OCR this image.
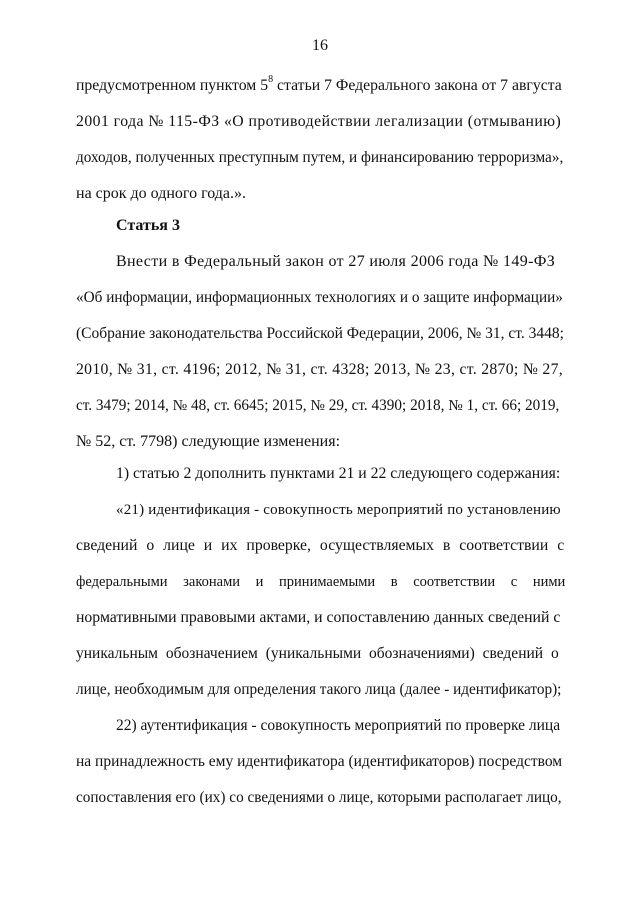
16
предусмотренном пунктом $5^8$ статьи 7 Федерального закона от 7 августа
2001 года № 115-ФЗ «О противодействии легализации (отмыванию)
доходов, полученных преступным путем, и финансированию терроризма»,
на срок до одного года.».
Статья 3
Внести в Федеральный закон от 27 июля 2006 года № 149-ФЗ
«Об информации, информационных технологиях и о защите информации»
(Собрание законодательства Российской Федерации, 2006, № 31, ст. 3448;
2010, № 31, ст. 4196; 2012, № 31, ст. 4328; 2013, № 23, ст. 2870; № 27,
ст. 3479; 2014, № 48, ст. 6645; 2015, № 29, ст. 4390; 2018, № 1, ст. 66; 2019,
№ 52, ст. 7798) следующие изменения:
1) статью 2 дополнить пунктами 21 и 22 следующего содержания:
«21) идентификация - совокупность мероприятий по установлению
сведений о лице и их проверке, осуществляемых в соответствии с
федеральными законами и принимаемыми в соответствии с ними
нормативными правовыми актами, и сопоставлению данных сведений с
уникальным обозначением (уникальными обозначениями) сведений о
лице, необходимым для определения такого лица (далее - идентификатор);
22) аутентификация - совокупность мероприятий по проверке лица
на принадлежность ему идентификатора (идентификаторов) посредством
сопоставления его (их) со сведениями о лице, которыми располагает лицо,
